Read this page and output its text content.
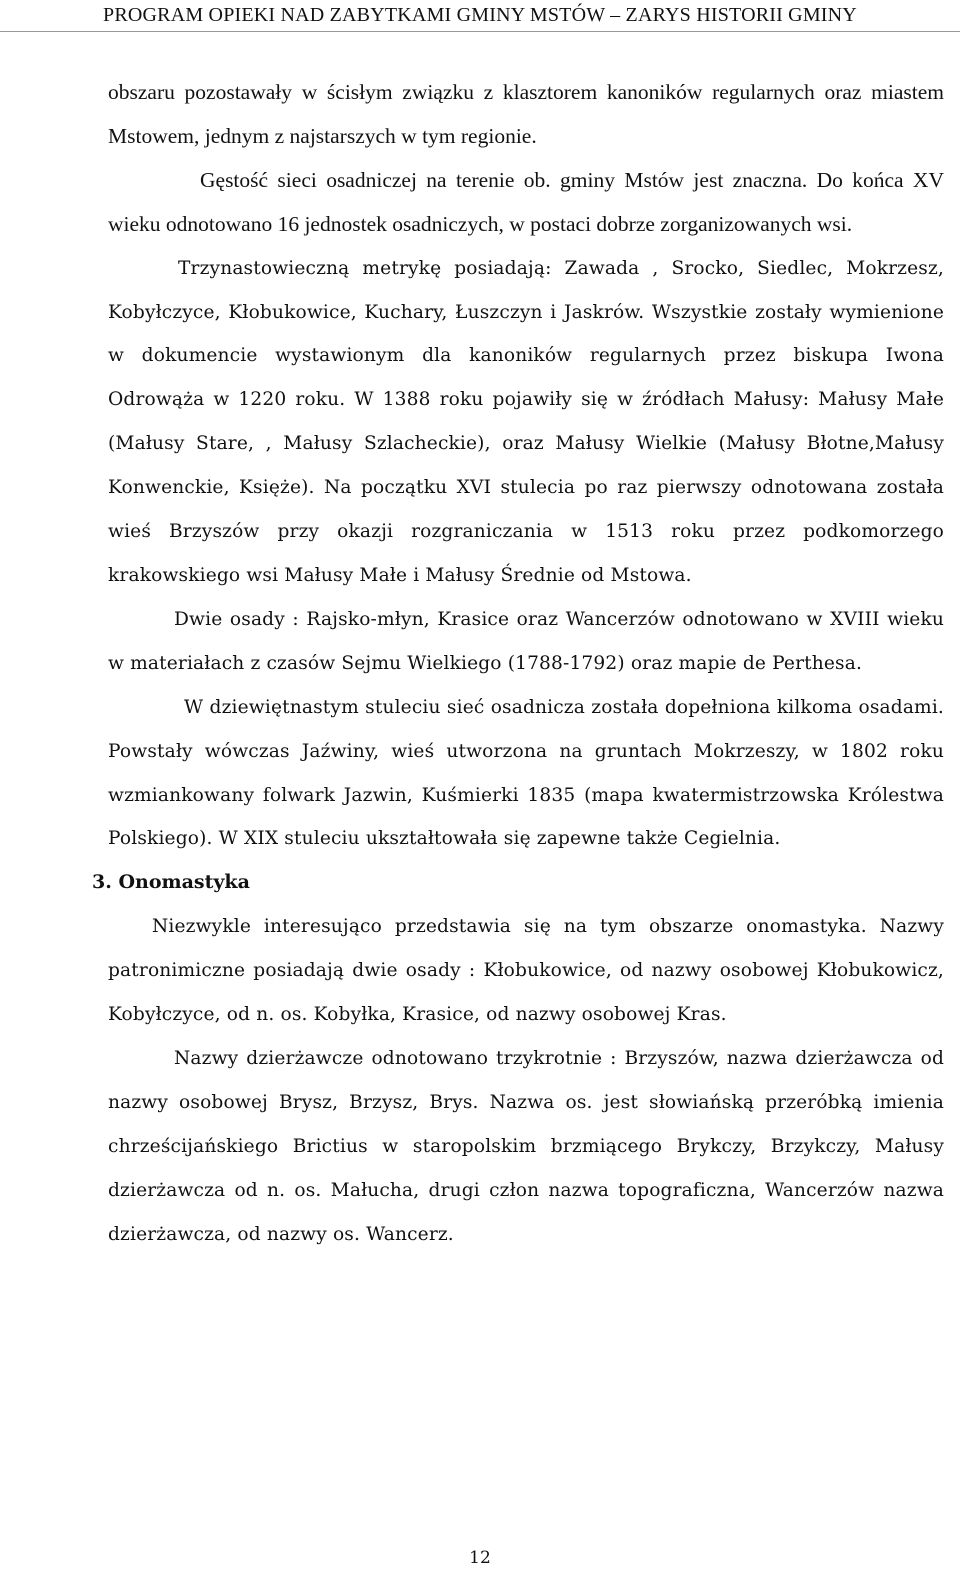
PROGRAM OPIEKI NAD ZABYTKAMI GMINY MSTÓW – ZARYS HISTORII GMINY

obszaru pozostawały w ścisłym związku z klasztorem kanoników regularnych oraz miastem Mstowem, jednym z najstarszych w tym regionie.

Gęstość sieci osadniczej na terenie ob. gminy Mstów jest znaczna. Do końca XV wieku odnotowano 16 jednostek osadniczych, w postaci dobrze zorganizowanych wsi.

Trzynastowieczną metrykę posiadają: Zawada , Srocko, Siedlec, Mokrzesz, Kobyłczyce, Kłobukowice, Kuchary, Łuszczyn i Jaskrów. Wszystkie zostały wymienione w dokumencie wystawionym dla kanoników regularnych przez biskupa Iwona Odrowąża w 1220 roku. W 1388 roku pojawiły się w źródłach Małusy: Małusy Małe (Małusy Stare, , Małusy Szlacheckie), oraz Małusy Wielkie (Małusy Błotne,Małusy Konwenckie, Księże). Na początku XVI stulecia po raz pierwszy odnotowana została wieś Brzyszów przy okazji rozgraniczania w 1513 roku przez podkomorzego krakowskiego wsi Małusy Małe i Małusy Średnie od Mstowa.

Dwie osady : Rajsko-młyn, Krasice oraz Wancerzów odnotowano w XVIII wieku w materiałach z czasów Sejmu Wielkiego (1788-1792) oraz mapie de Perthesa.

W dziewiętnastym stuleciu sieć osadnicza została dopełniona kilkoma osadami. Powstały wówczas Jaźwiny, wieś utworzona na gruntach Mokrzeszy, w 1802 roku wzmiankowany folwark Jazwin, Kuśmierki 1835 (mapa kwatermistrzowska Królestwa Polskiego). W XIX stuleciu ukształtowała się zapewne także Cegielnia.

3. Onomastyka

Niezwykle interesująco przedstawia się na tym obszarze onomastyka. Nazwy patronimiczne posiadają dwie osady : Kłobukowice, od nazwy osobowej Kłobukowicz, Kobyłczyce, od n. os. Kobyłka, Krasice, od nazwy osobowej Kras.

Nazwy dzierżawcze odnotowano trzykrotnie : Brzyszów, nazwa dzierżawcza od nazwy osobowej Brysz, Brzysz, Brys. Nazwa os. jest słowiańską przeróbką imienia chrześcijańskiego Brictius w staropolskim brzmiącego Brykczy, Brzykczy, Małusy dzierżawcza od n. os. Małucha, drugi człon nazwa topograficzna, Wancerzów nazwa dzierżawcza, od nazwy os. Wancerz.

12
